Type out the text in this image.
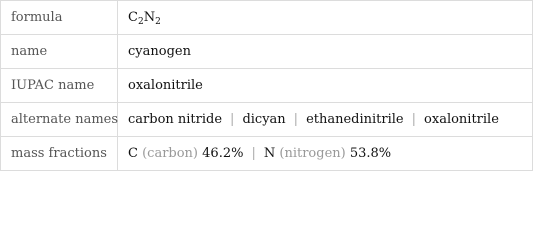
formula	$C_2N_2$
name	cyanogen
IUPAC name	oxalonitrile
alternate names	carbon nitride | dicyan | ethanedinitrile | oxalonitrile
mass fractions	C (carbon) 46.2% | N (nitrogen) 53.8%
